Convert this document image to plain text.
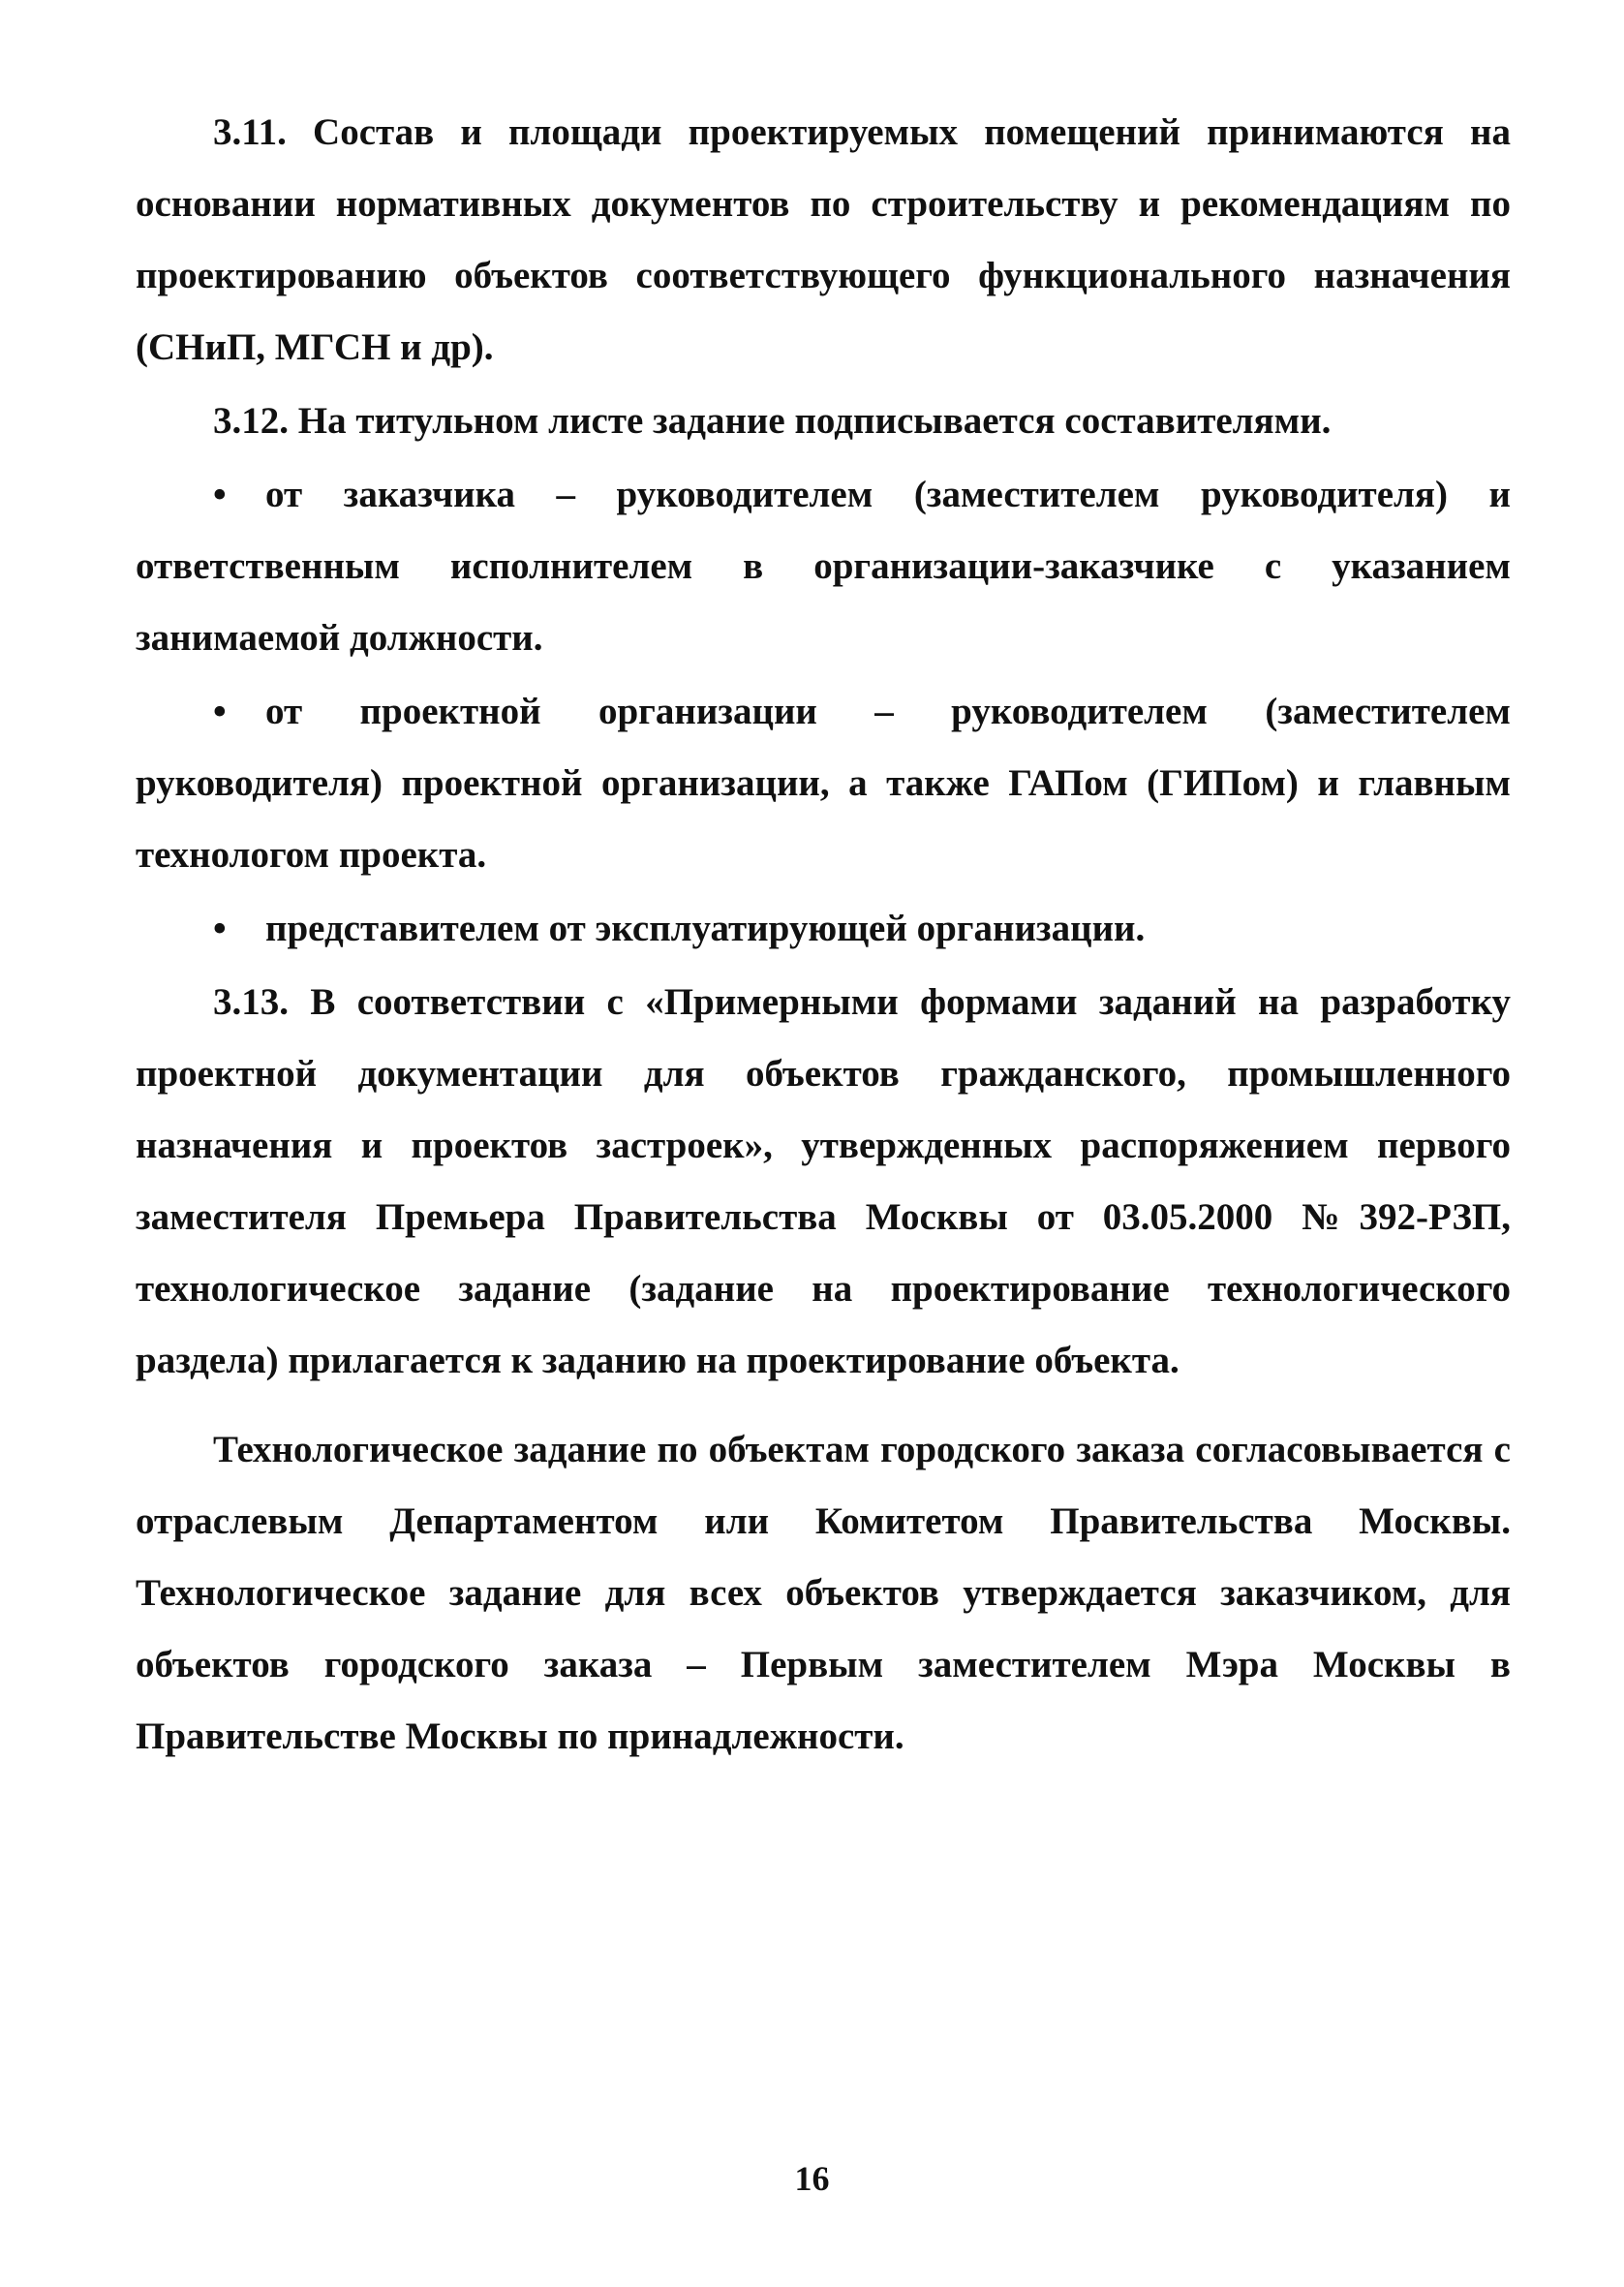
3.11. Состав и площади проектируемых помещений принимаются на основании нормативных документов по строительству и рекомендациям по проектированию объектов соответствующего функционального назначения (СНиП, МГСН и др).

3.12. На титульном листе задание подписывается составителями.

• от заказчика – руководителем (заместителем руководителя) и ответственным исполнителем в организации-заказчике с указанием занимаемой должности.

• от проектной организации – руководителем (заместителем руководителя) проектной организации, а также ГАПом (ГИПом) и главным технологом проекта.

• представителем от эксплуатирующей организации.

3.13. В соответствии с «Примерными формами заданий на разработку проектной документации для объектов гражданского, промышленного назначения и проектов застроек», утвержденных распоряжением первого заместителя Премьера Правительства Москвы от 03.05.2000 №392-РЗП, технологическое задание (задание на проектирование технологического раздела) прилагается к заданию на проектирование объекта.

Технологическое задание по объектам городского заказа согласовывается с отраслевым Департаментом или Комитетом Правительства Москвы. Технологическое задание для всех объектов утверждается заказчиком, для объектов городского заказа – Первым заместителем Мэра Москвы в Правительстве Москвы по принадлежности.

16
